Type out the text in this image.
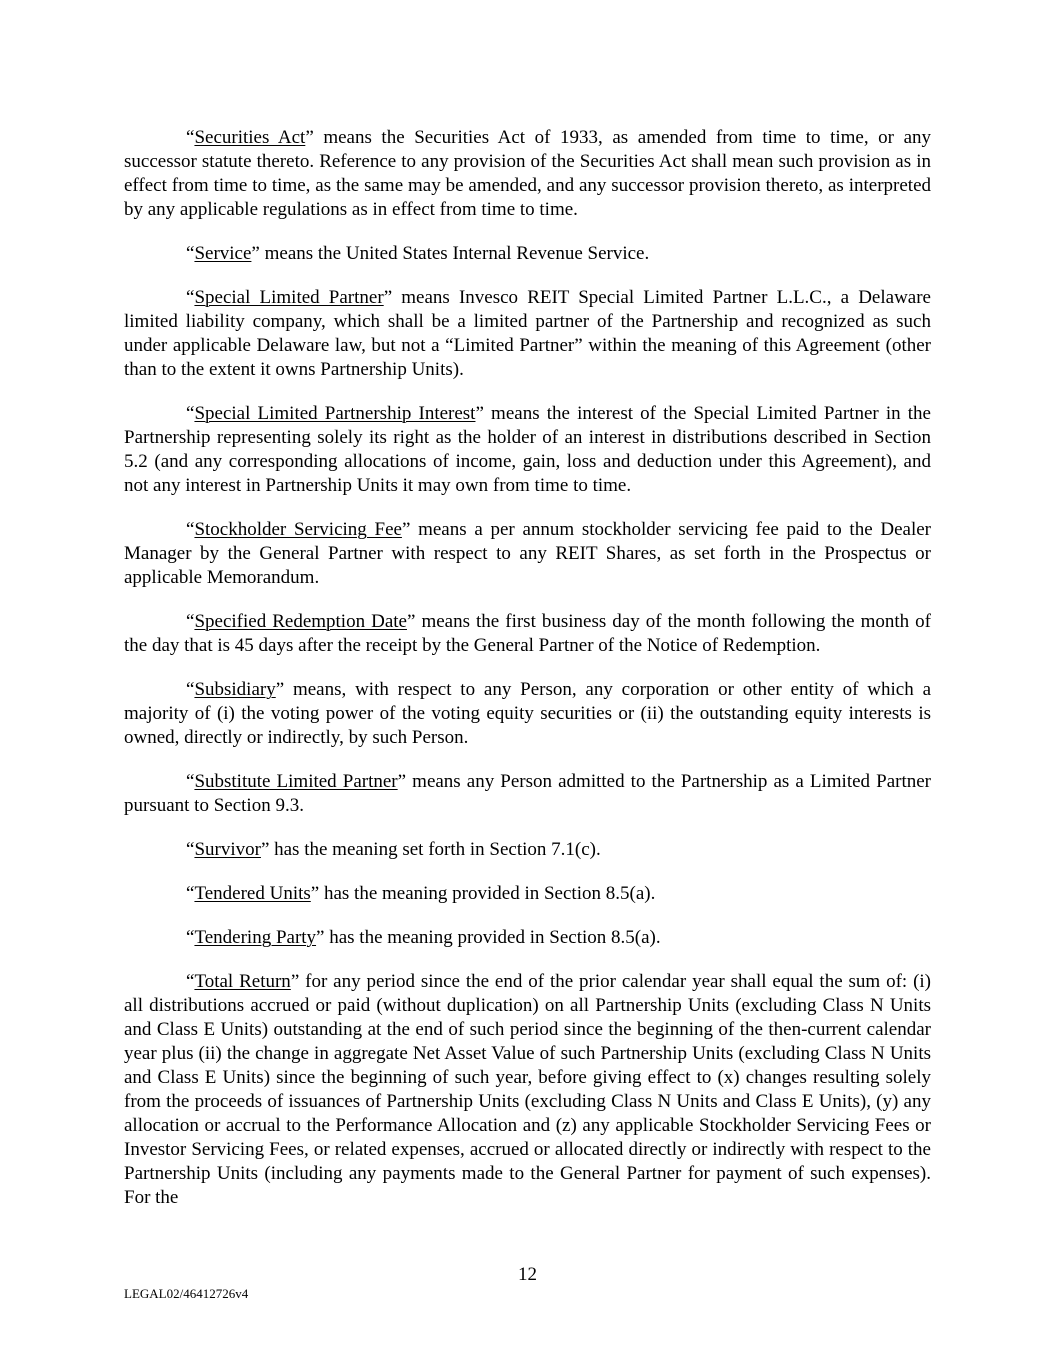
“Securities Act” means the Securities Act of 1933, as amended from time to time, or any successor statute thereto. Reference to any provision of the Securities Act shall mean such provision as in effect from time to time, as the same may be amended, and any successor provision thereto, as interpreted by any applicable regulations as in effect from time to time.

“Service” means the United States Internal Revenue Service.

“Special Limited Partner” means Invesco REIT Special Limited Partner L.L.C., a Delaware limited liability company, which shall be a limited partner of the Partnership and recognized as such under applicable Delaware law, but not a “Limited Partner” within the meaning of this Agreement (other than to the extent it owns Partnership Units).

“Special Limited Partnership Interest” means the interest of the Special Limited Partner in the Partnership representing solely its right as the holder of an interest in distributions described in Section 5.2 (and any corresponding allocations of income, gain, loss and deduction under this Agreement), and not any interest in Partnership Units it may own from time to time.

“Stockholder Servicing Fee” means a per annum stockholder servicing fee paid to the Dealer Manager by the General Partner with respect to any REIT Shares, as set forth in the Prospectus or applicable Memorandum.

“Specified Redemption Date” means the first business day of the month following the month of the day that is 45 days after the receipt by the General Partner of the Notice of Redemption.

“Subsidiary” means, with respect to any Person, any corporation or other entity of which a majority of (i) the voting power of the voting equity securities or (ii) the outstanding equity interests is owned, directly or indirectly, by such Person.

“Substitute Limited Partner” means any Person admitted to the Partnership as a Limited Partner pursuant to Section 9.3.

“Survivor” has the meaning set forth in Section 7.1(c).

“Tendered Units” has the meaning provided in Section 8.5(a).

“Tendering Party” has the meaning provided in Section 8.5(a).

“Total Return” for any period since the end of the prior calendar year shall equal the sum of: (i) all distributions accrued or paid (without duplication) on all Partnership Units (excluding Class N Units and Class E Units) outstanding at the end of such period since the beginning of the then-current calendar year plus (ii) the change in aggregate Net Asset Value of such Partnership Units (excluding Class N Units and Class E Units) since the beginning of such year, before giving effect to (x) changes resulting solely from the proceeds of issuances of Partnership Units (excluding Class N Units and Class E Units), (y) any allocation or accrual to the Performance Allocation and (z) any applicable Stockholder Servicing Fees or Investor Servicing Fees, or related expenses, accrued or allocated directly or indirectly with respect to the Partnership Units (including any payments made to the General Partner for payment of such expenses). For the

12
LEGAL02/46412726v4
